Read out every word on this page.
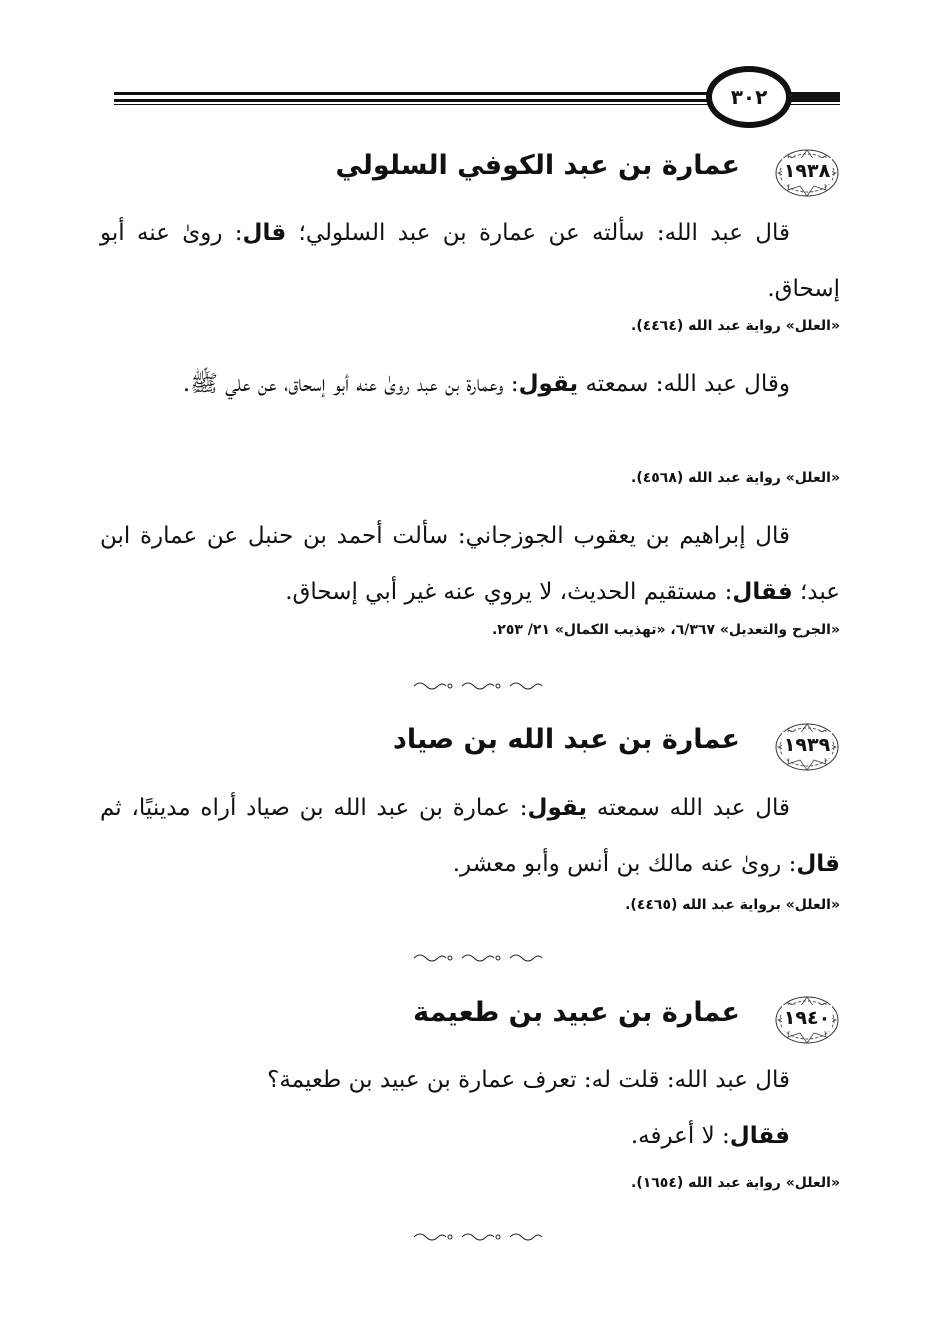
٣٠٢
١٩٣٨
عمارة بن عبد الكوفي السلولي
قال عبد الله: سألته عن عمارة بن عبد السلولي؛ قال: رویٰ عنه أبو إسحاق.
«العلل» رواية عبد الله (٤٤٦٤).
وقال عبد الله: سمعته يقول: وعمارة بن عبد رویٰ عنه أبو إسحاق، عن علي ﷺ.
«العلل» رواية عبد الله (٤٥٦٨).
قال إبراهيم بن يعقوب الجوزجاني: سألت أحمد بن حنبل عن عمارة ابن عبد؛ فقال: مستقيم الحديث، لا يروي عنه غير أبي إسحاق.
«الجرح والتعديل» ٦/٣٦٧، «تهذيب الكمال» ٢١/ ٢٥٣.
١٩٣٩
عمارة بن عبد الله بن صياد
قال عبد الله سمعته يقول: عمارة بن عبد الله بن صياد أراه مدينيًا، ثم قال: رویٰ عنه مالك بن أنس وأبو معشر.
«العلل» برواية عبد الله (٤٤٦٥).
١٩٤٠
عمارة بن عبيد بن طعيمة
قال عبد الله: قلت له: تعرف عمارة بن عبيد بن طعيمة؟
فقال: لا أعرفه.
«العلل» رواية عبد الله (١٦٥٤).
